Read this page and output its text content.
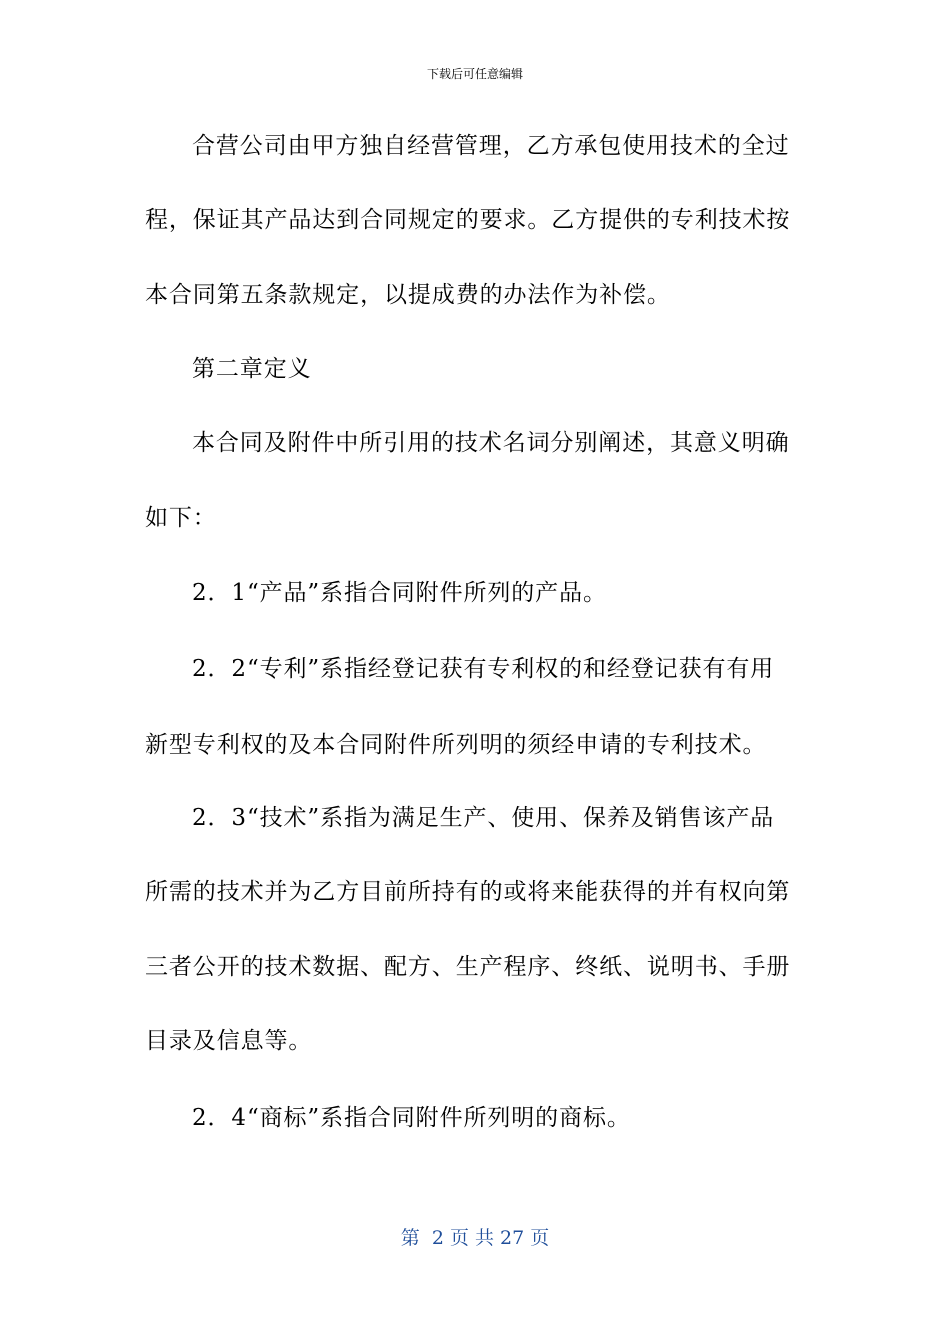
下载后可任意编辑
合营公司由甲方独自经营管理，乙方承包使用技术的全过
程，保证其产品达到合同规定的要求。乙方提供的专利技术按
本合同第五条款规定，以提成费的办法作为补偿。
第二章定义
本合同及附件中所引用的技术名词分别阐述，其意义明确
如下：
2．1“产品”系指合同附件所列的产品。
2．2“专利”系指经登记获有专利权的和经登记获有有用
新型专利权的及本合同附件所列明的须经申请的专利技术。
2．3“技术”系指为满足生产、使用、保养及销售该产品
所需的技术并为乙方目前所持有的或将来能获得的并有权向第
三者公开的技术数据、配方、生产程序、终纸、说明书、手册
目录及信息等。
2．4“商标”系指合同附件所列明的商标。
第  2 页 共 27 页
